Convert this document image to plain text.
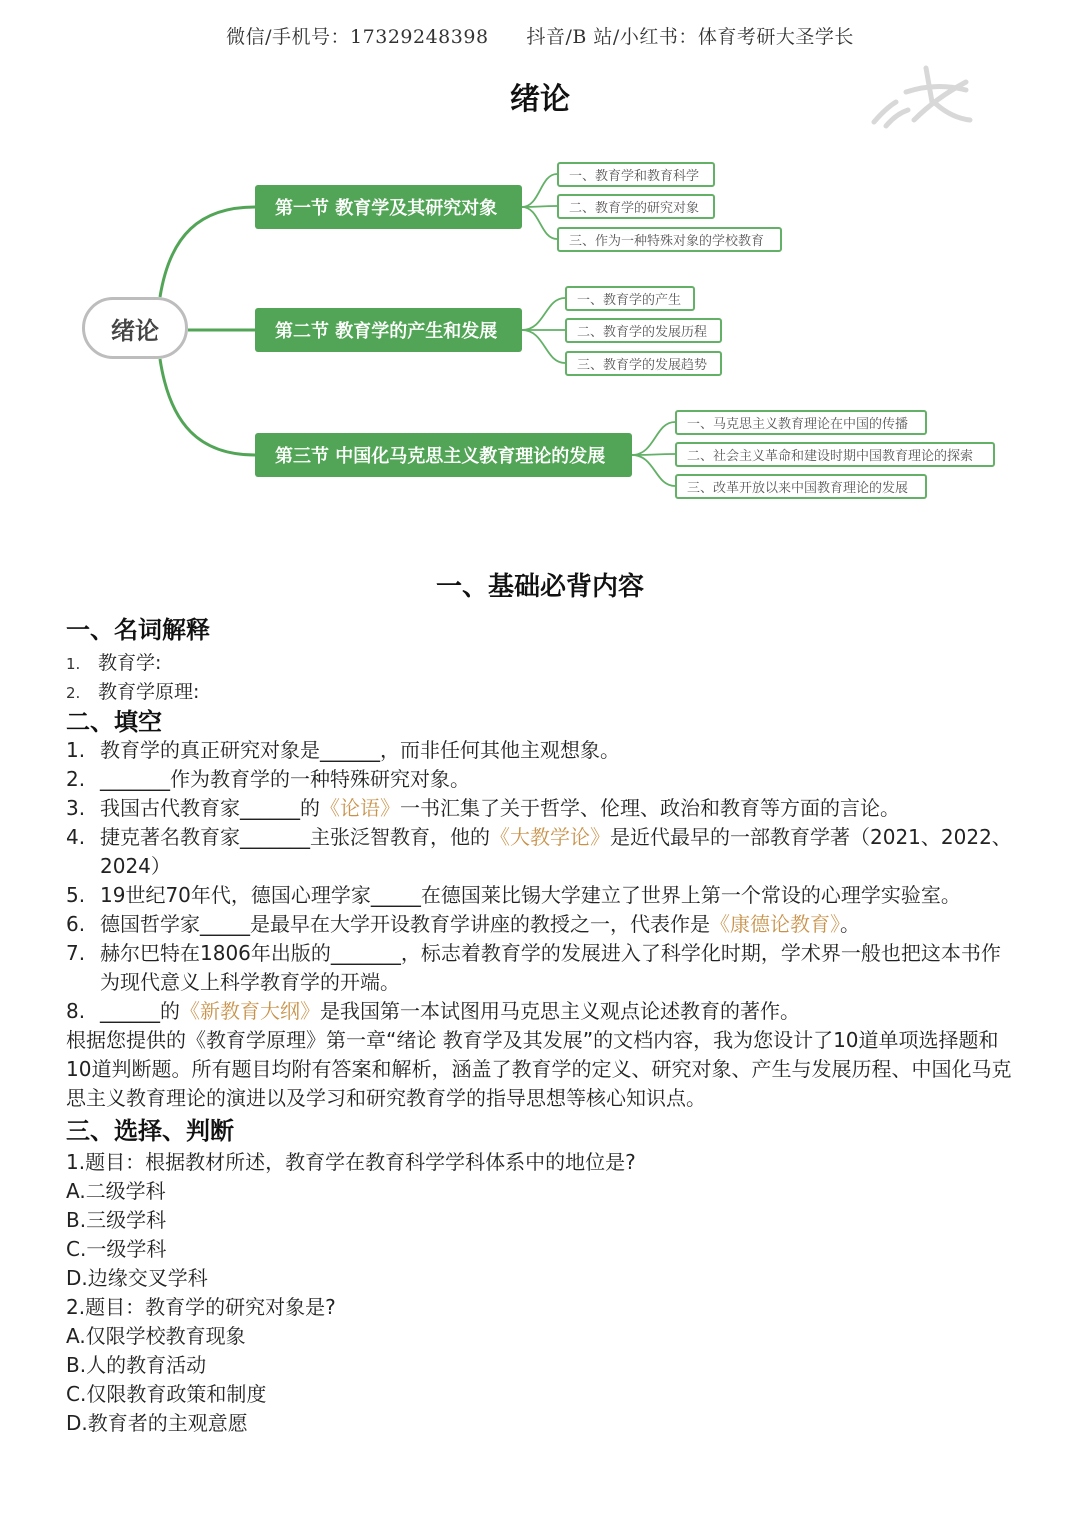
微信/手机号：17329248398 抖音/B 站/小红书：体育考研大圣学长
绪论
绪论
第一节 教育学及其研究对象
一、教育学和教育科学
二、教育学的研究对象
三、作为一种特殊对象的学校教育
第二节 教育学的产生和发展
一、教育学的产生
二、教育学的发展历程
三、教育学的发展趋势
第三节 中国化马克思主义教育理论的发展
一、马克思主义教育理论在中国的传播
二、社会主义革命和建设时期中国教育理论的探索
三、改革开放以来中国教育理论的发展
一、基础必背内容
一、名词解释
1. 教育学:
2. 教育学原理:
二、填空
1. 教育学的真正研究对象是______，而非任何其他主观想象。
2. _______作为教育学的一种特殊研究对象。
3. 我国古代教育家______的《论语》一书汇集了关于哲学、伦理、政治和教育等方面的言论。
4. 捷克著名教育家_______主张泛智教育，他的《大教学论》是近代最早的一部教育学著（2021、2022、2024）
5. 19世纪70年代，德国心理学家_____在德国莱比锡大学建立了世界上第一个常设的心理学实验室。
6. 德国哲学家_____是最早在大学开设教育学讲座的教授之一，代表作是《康德论教育》。
7. 赫尔巴特在1806年出版的_______，标志着教育学的发展进入了科学化时期，学术界一般也把这本书作为现代意义上科学教育学的开端。
8. ______的《新教育大纲》是我国第一本试图用马克思主义观点论述教育的著作。
根据您提供的《教育学原理》第一章“绪论 教育学及其发展”的文档内容，我为您设计了10道单项选择题和10道判断题。所有题目均附有答案和解析，涵盖了教育学的定义、研究对象、产生与发展历程、中国化马克思主义教育理论的演进以及学习和研究教育学的指导思想等核心知识点。
三、选择、判断
1.题目：根据教材所述，教育学在教育科学学科体系中的地位是?
A.二级学科
B.三级学科
C.一级学科
D.边缘交叉学科
2.题目：教育学的研究对象是?
A.仅限学校教育现象
B.人的教育活动
C.仅限教育政策和制度
D.教育者的主观意愿
